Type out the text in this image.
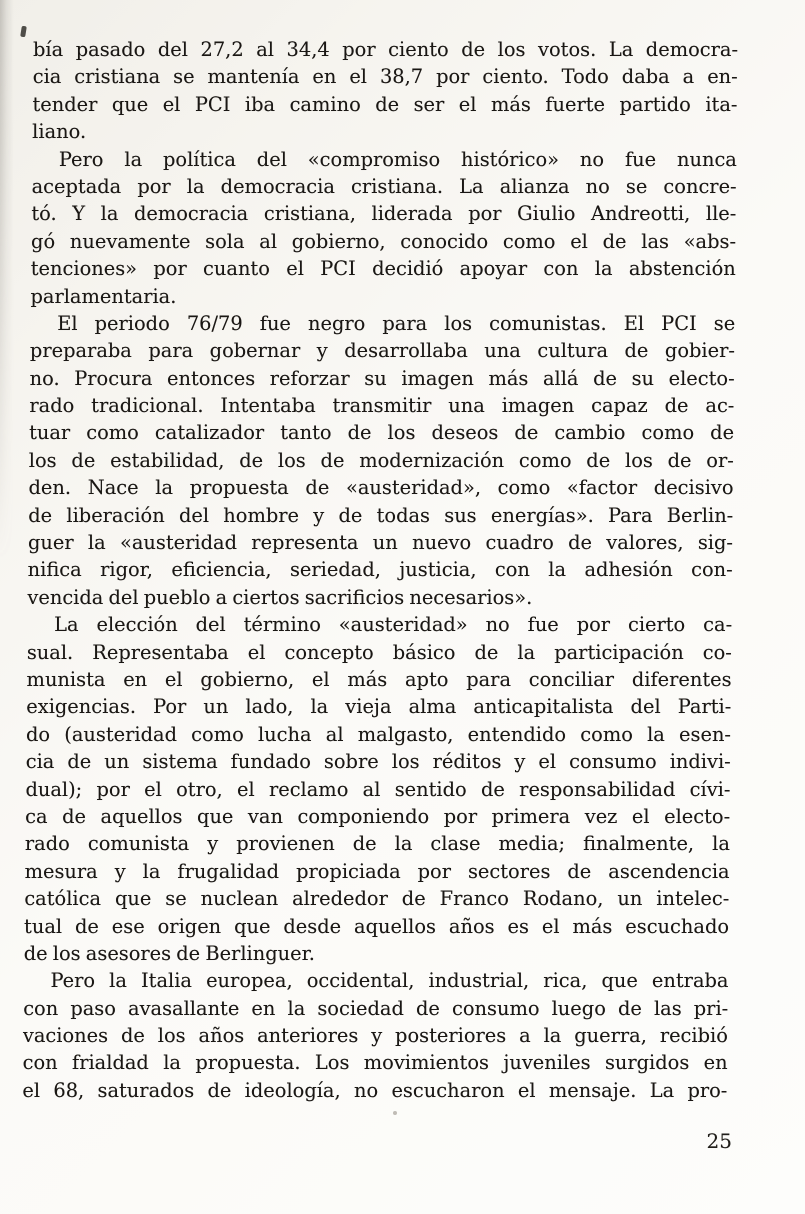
bía pasado del 27,2 al 34,4 por ciento de los votos. La democra-
cia cristiana se mantenía en el 38,7 por ciento. Todo daba a en-
tender que el PCI iba camino de ser el más fuerte partido ita-
liano.
Pero la política del «compromiso histórico» no fue nunca
aceptada por la democracia cristiana. La alianza no se concre-
tó. Y la democracia cristiana, liderada por Giulio Andreotti, lle-
gó nuevamente sola al gobierno, conocido como el de las «abs-
tenciones» por cuanto el PCI decidió apoyar con la abstención
parlamentaria.
El periodo 76/79 fue negro para los comunistas. El PCI se
preparaba para gobernar y desarrollaba una cultura de gobier-
no. Procura entonces reforzar su imagen más allá de su electo-
rado tradicional. Intentaba transmitir una imagen capaz de ac-
tuar como catalizador tanto de los deseos de cambio como de
los de estabilidad, de los de modernización como de los de or-
den. Nace la propuesta de «austeridad», como «factor decisivo
de liberación del hombre y de todas sus energías». Para Berlin-
guer la «austeridad representa un nuevo cuadro de valores, sig-
nifica rigor, eficiencia, seriedad, justicia, con la adhesión con-
vencida del pueblo a ciertos sacrificios necesarios».
La elección del término «austeridad» no fue por cierto ca-
sual. Representaba el concepto básico de la participación co-
munista en el gobierno, el más apto para conciliar diferentes
exigencias. Por un lado, la vieja alma anticapitalista del Parti-
do (austeridad como lucha al malgasto, entendido como la esen-
cia de un sistema fundado sobre los réditos y el consumo indivi-
dual); por el otro, el reclamo al sentido de responsabilidad cívi-
ca de aquellos que van componiendo por primera vez el electo-
rado comunista y provienen de la clase media; finalmente, la
mesura y la frugalidad propiciada por sectores de ascendencia
católica que se nuclean alrededor de Franco Rodano, un intelec-
tual de ese origen que desde aquellos años es el más escuchado
de los asesores de Berlinguer.
Pero la Italia europea, occidental, industrial, rica, que entraba
con paso avasallante en la sociedad de consumo luego de las pri-
vaciones de los años anteriores y posteriores a la guerra, recibió
con frialdad la propuesta. Los movimientos juveniles surgidos en
el 68, saturados de ideología, no escucharon el mensaje. La pro-
25
